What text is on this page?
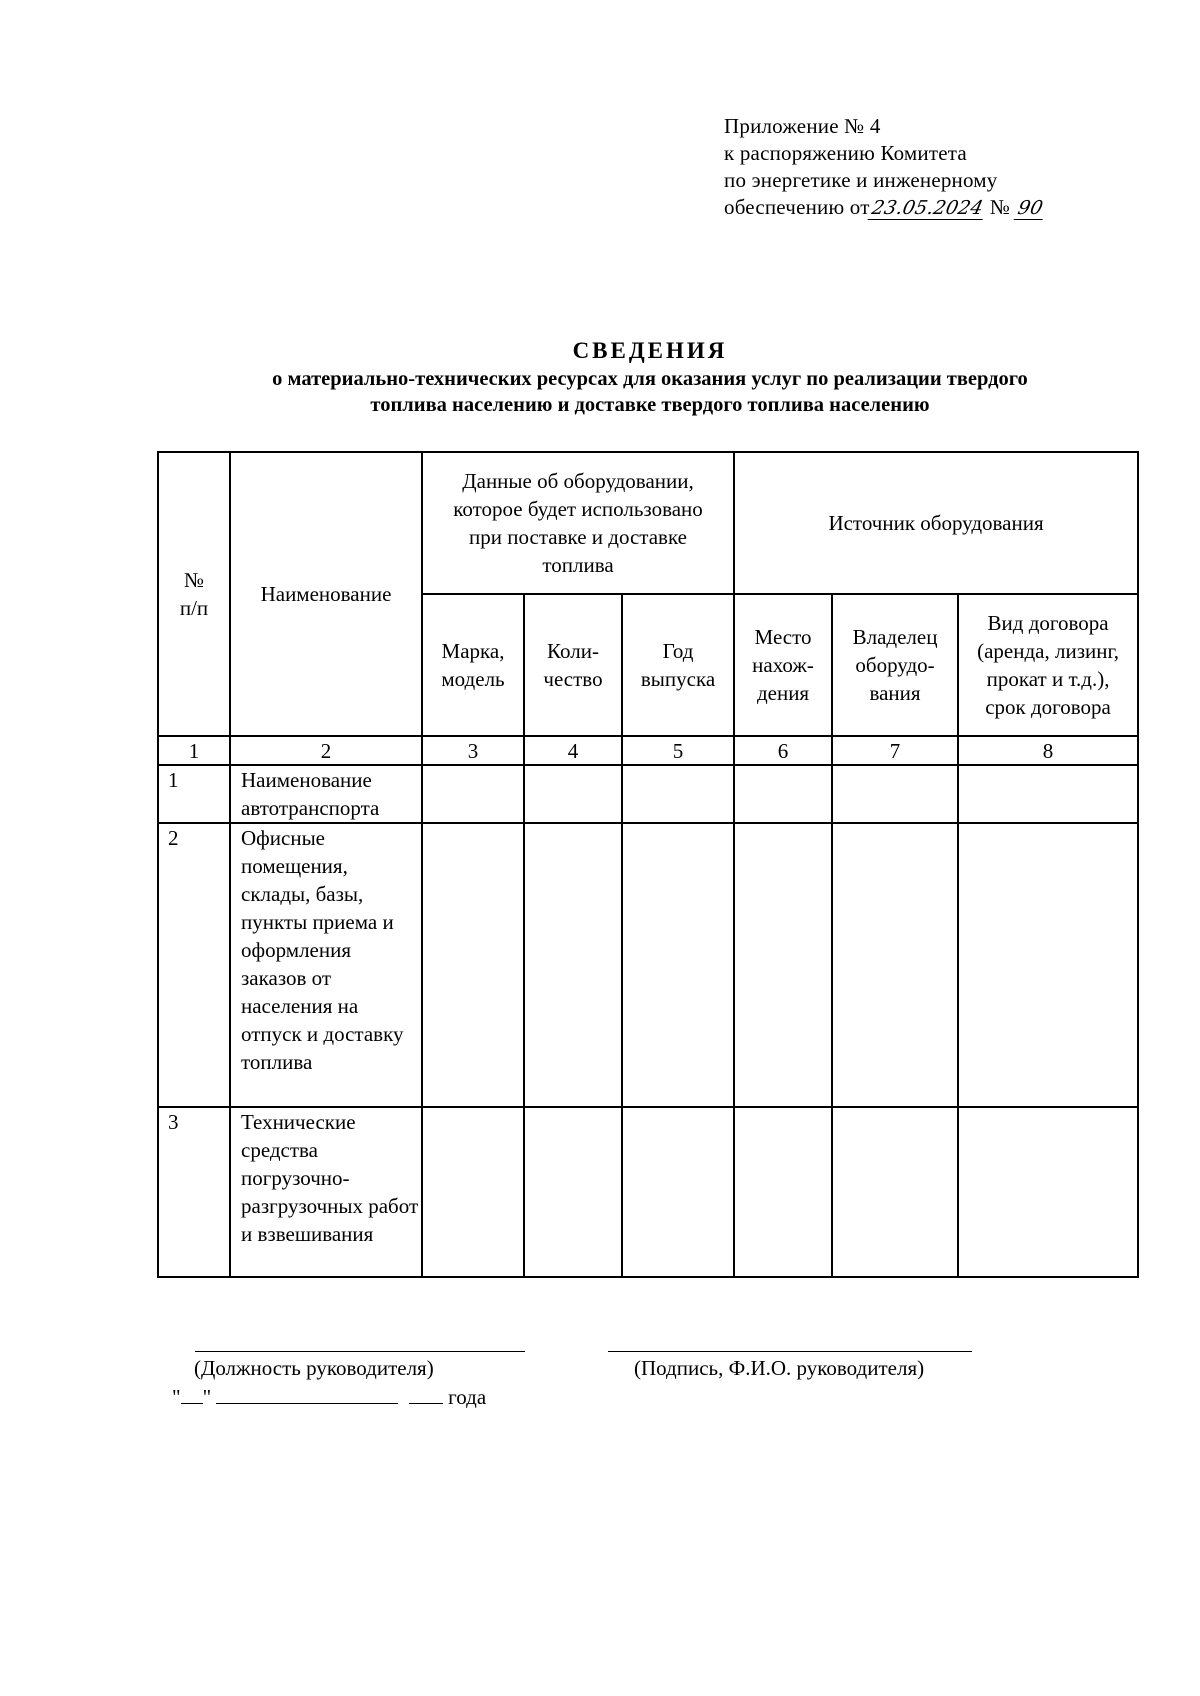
Приложение № 4
к распоряжению Комитета
по энергетике и инженерному
обеспечению от23.05.2024 № 90
СВЕДЕНИЯ
о материально-технических ресурсах для оказания услуг по реализации твердого
топлива населению и доставке твердого топлива населению
№ п/п	Наименование	Данные об оборудовании, которое будет использовано при поставке и доставке топлива			Источник оборудования		
		Марка, модель	Коли-чество	Год выпуска	Место нахож-дения	Владелец оборудо-вания	Вид договора (аренда, лизинг, прокат и т.д.), срок договора
1	2	3	4	5	6	7	8
1	Наименование автотранспорта						
2	Офисные помещения, склады, базы, пункты приема и оформления заказов от населения на отпуск и доставку топлива						
3	Технические средства погрузочно-разгрузочных работ и взвешивания						
(Должность руководителя)	(Подпись, Ф.И.О. руководителя)
" "	года
